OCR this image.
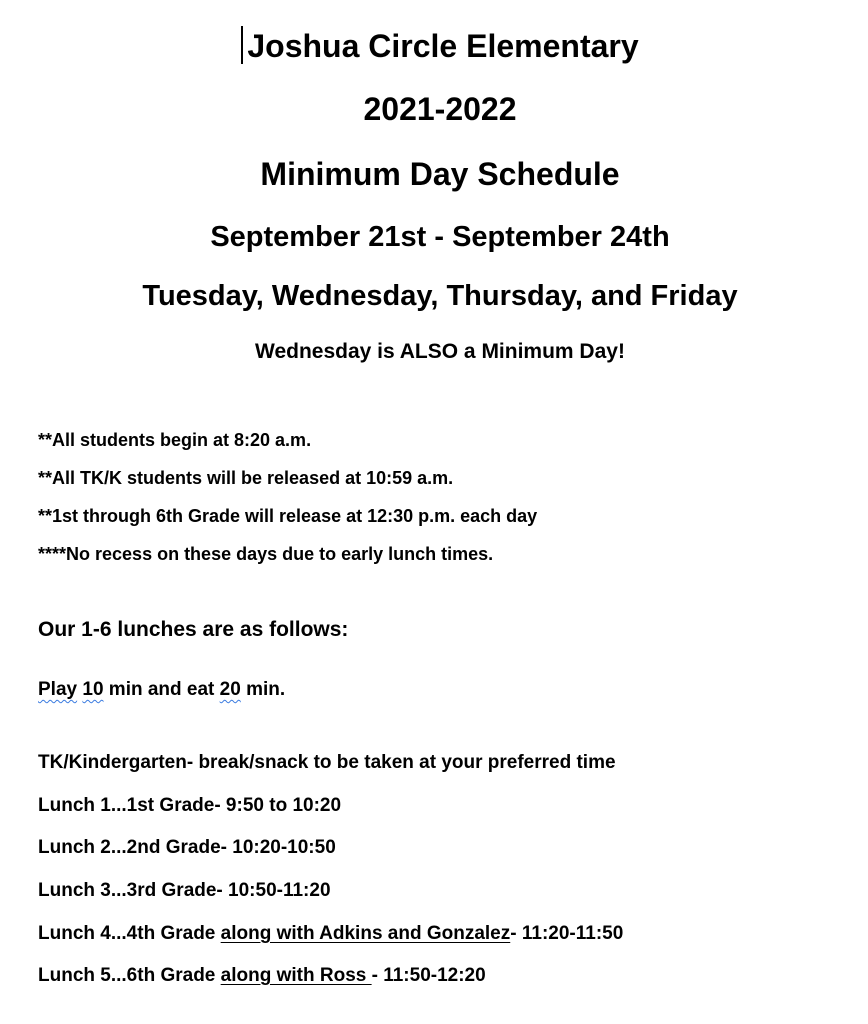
Joshua Circle Elementary
2021-2022
Minimum Day Schedule
September 21st - September 24th
Tuesday, Wednesday, Thursday, and Friday
Wednesday is ALSO a Minimum Day!
**All students begin at 8:20 a.m.
**All TK/K students will be released at 10:59 a.m.
**1st through 6th Grade will release at 12:30 p.m. each day
****No recess on these days due to early lunch times.
Our 1-6 lunches are as follows:
Play 10 min and eat 20 min.
TK/Kindergarten- break/snack to be taken at your preferred time
Lunch 1...1st Grade- 9:50 to 10:20
Lunch 2...2nd Grade- 10:20-10:50
Lunch 3...3rd Grade- 10:50-11:20
Lunch 4...4th Grade along with Adkins and Gonzalez- 11:20-11:50
Lunch 5...6th Grade along with Ross - 11:50-12:20
